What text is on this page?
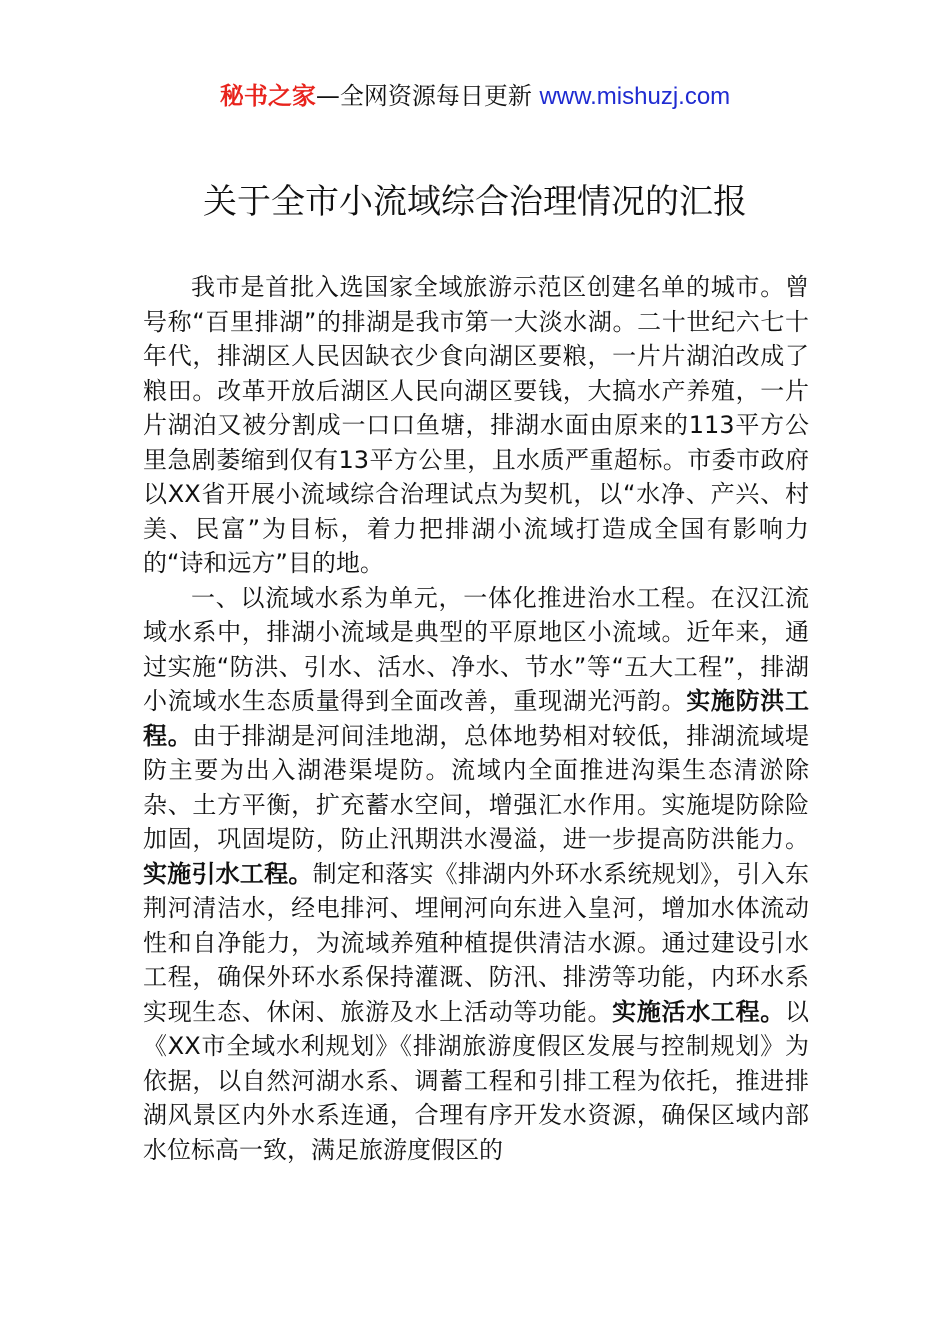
秘书之家—全网资源每日更新 www.mishuzj.com
关于全市小流域综合治理情况的汇报

我市是首批入选国家全域旅游示范区创建名单的城市。曾号称“百里排湖”的排湖是我市第一大淡水湖。二十世纪六七十年代，排湖区人民因缺衣少食向湖区要粮，一片片湖泊改成了粮田。改革开放后湖区人民向湖区要钱，大搞水产养殖，一片片湖泊又被分割成一口口鱼塘，排湖水面由原来的113平方公里急剧萎缩到仅有13平方公里，且水质严重超标。市委市政府以XX省开展小流域综合治理试点为契机，以“水净、产兴、村美、民富”为目标，着力把排湖小流域打造成全国有影响力的“诗和远方”目的地。

一、以流域水系为单元，一体化推进治水工程。在汉江流域水系中，排湖小流域是典型的平原地区小流域。近年来，通过实施“防洪、引水、活水、净水、节水”等“五大工程”，排湖小流域水生态质量得到全面改善，重现湖光沔韵。实施防洪工程。由于排湖是河间洼地湖，总体地势相对较低，排湖流域堤防主要为出入湖港渠堤防。流域内全面推进沟渠生态清淤除杂、土方平衡，扩充蓄水空间，增强汇水作用。实施堤防除险加固，巩固堤防，防止汛期洪水漫溢，进一步提高防洪能力。实施引水工程。制定和落实《排湖内外环水系统规划》，引入东荆河清洁水，经电排河、埋闸河向东进入皇河，增加水体流动性和自净能力，为流域养殖种植提供清洁水源。通过建设引水工程，确保外环水系保持灌溉、防汛、排涝等功能，内环水系实现生态、休闲、旅游及水上活动等功能。实施活水工程。以《XX市全域水利规划》《排湖旅游度假区发展与控制规划》为依据，以自然河湖水系、调蓄工程和引排工程为依托，推进排湖风景区内外水系连通，合理有序开发水资源，确保区域内部水位标高一致，满足旅游度假区的
